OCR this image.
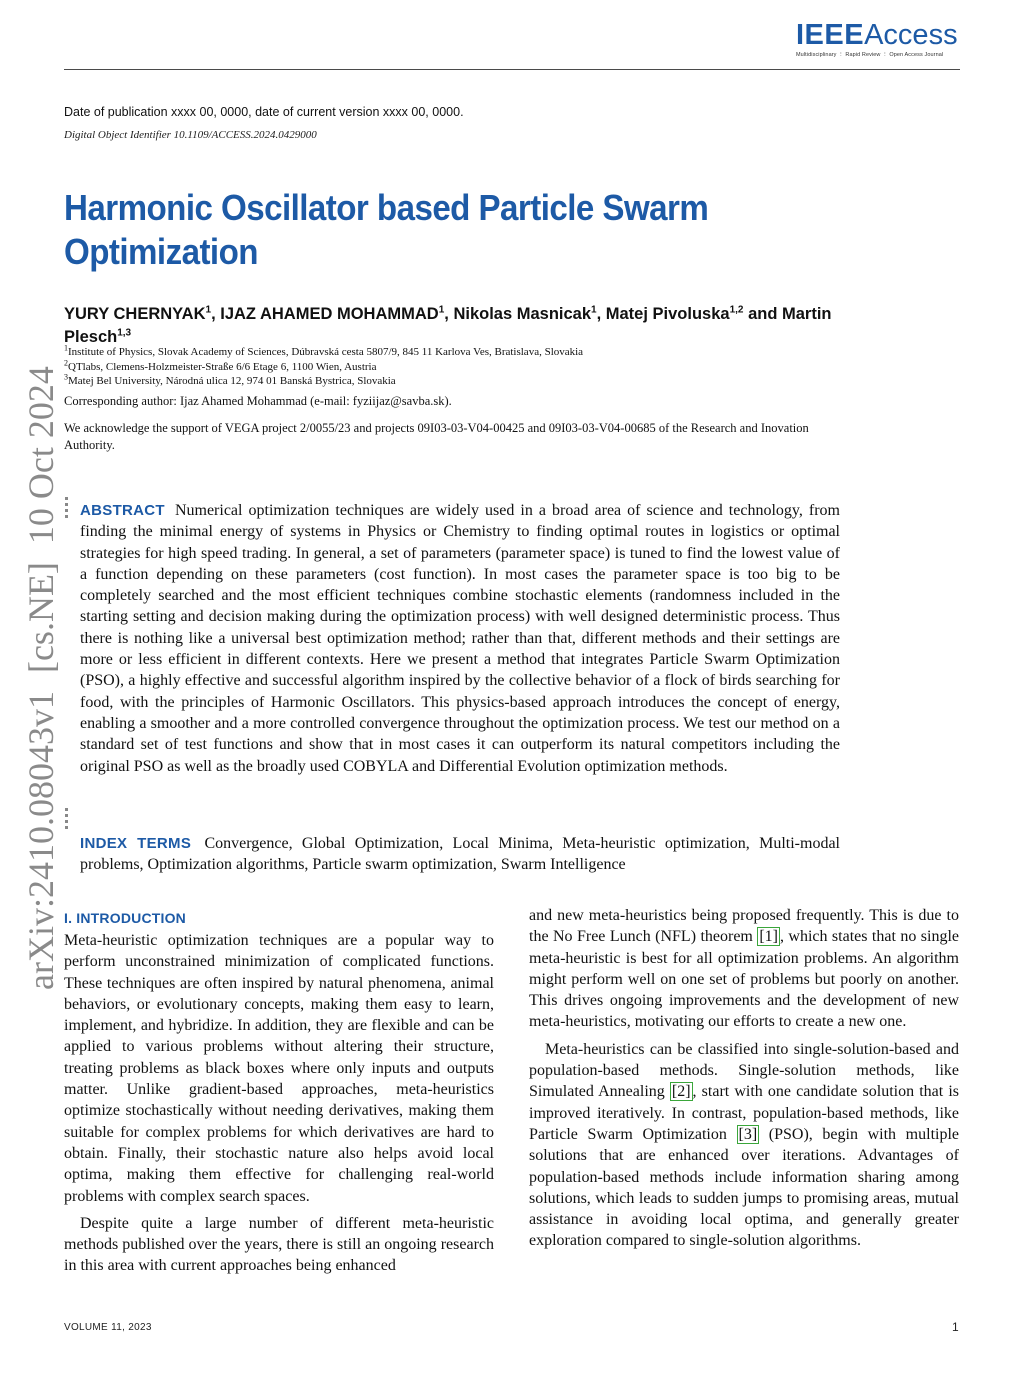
IEEEAccess
Multidisciplinary ⋮ Rapid Review ⋮ Open Access Journal
Date of publication xxxx 00, 0000, date of current version xxxx 00, 0000.
Digital Object Identifier 10.1109/ACCESS.2024.0429000
Harmonic Oscillator based Particle Swarm Optimization
YURY CHERNYAK$^1$, IJAZ AHAMED MOHAMMAD$^1$, Nikolas Masnicak$^1$, Matej Pivoluska$^{1,2}$ and Martin Plesch$^{1,3}$
$^1$Institute of Physics, Slovak Academy of Sciences, Dúbravská cesta 5807/9, 845 11 Karlova Ves, Bratislava, Slovakia
$^2$QTlabs, Clemens-Holzmeister-Straße 6/6 Etage 6, 1100 Wien, Austria
$^3$Matej Bel University, Národná ulica 12, 974 01 Banská Bystrica, Slovakia
Corresponding author: Ijaz Ahamed Mohammad (e-mail: fyziijaz@savba.sk).
We acknowledge the support of VEGA project 2/0055/23 and projects 09I03-03-V04-00425 and 09I03-03-V04-00685 of the Research and Inovation Authority.
arXiv:2410.08043v1  [cs.NE]  10 Oct 2024	ABSTRACT Numerical optimization techniques are widely used in a broad area of science and technology, from finding the minimal energy of systems in Physics or Chemistry to finding optimal routes in logistics or optimal strategies for high speed trading. In general, a set of parameters (parameter space) is tuned to find the lowest value of a function depending on these parameters (cost function). In most cases the parameter space is too big to be completely searched and the most efficient techniques combine stochastic elements (randomness included in the starting setting and decision making during the optimization process) with well designed deterministic process. Thus there is nothing like a universal best optimization method; rather than that, different methods and their settings are more or less efficient in different contexts. Here we present a method that integrates Particle Swarm Optimization (PSO), a highly effective and successful algorithm inspired by the collective behavior of a flock of birds searching for food, with the principles of Harmonic Oscillators. This physics-based approach introduces the concept of energy, enabling a smoother and a more controlled convergence throughout the optimization process. We test our method on a standard set of test functions and show that in most cases it can outperform its natural competitors including the original PSO as well as the broadly used COBYLA and Differential Evolution optimization methods.
INDEX TERMS Convergence, Global Optimization, Local Minima, Meta-heuristic optimization, Multi-modal problems, Optimization algorithms, Particle swarm optimization, Swarm Intelligence
I. INTRODUCTION

Meta-heuristic optimization techniques are a popular way to perform unconstrained minimization of complicated functions. These techniques are often inspired by natural phenomena, animal behaviors, or evolutionary concepts, making them easy to learn, implement, and hybridize. In addition, they are flexible and can be applied to various problems without altering their structure, treating problems as black boxes where only inputs and outputs matter. Unlike gradient-based approaches, meta-heuristics optimize stochastically without needing derivatives, making them suitable for complex problems for which derivatives are hard to obtain. Finally, their stochastic nature also helps avoid local optima, making them effective for challenging real-world problems with complex search spaces.

Despite quite a large number of different meta-heuristic methods published over the years, there is still an ongoing research in this area with current approaches being enhanced

and new meta-heuristics being proposed frequently. This is due to the No Free Lunch (NFL) theorem [1] , which states that no single meta-heuristic is best for all optimization problems. An algorithm might perform well on one set of problems but poorly on another. This drives ongoing improvements and the development of new meta-heuristics, motivating our efforts to create a new one.

Meta-heuristics can be classified into single-solution-based and population-based methods. Single-solution methods, like Simulated Annealing [2] , start with one candidate solution that is improved iteratively. In contrast, population-based methods, like Particle Swarm Optimization [3] (PSO), begin with multiple solutions that are enhanced over iterations. Advantages of population-based methods include information sharing among solutions, which leads to sudden jumps to promising areas, mutual assistance in avoiding local optima, and generally greater exploration compared to single-solution algorithms.

VOLUME 11, 2023	1
